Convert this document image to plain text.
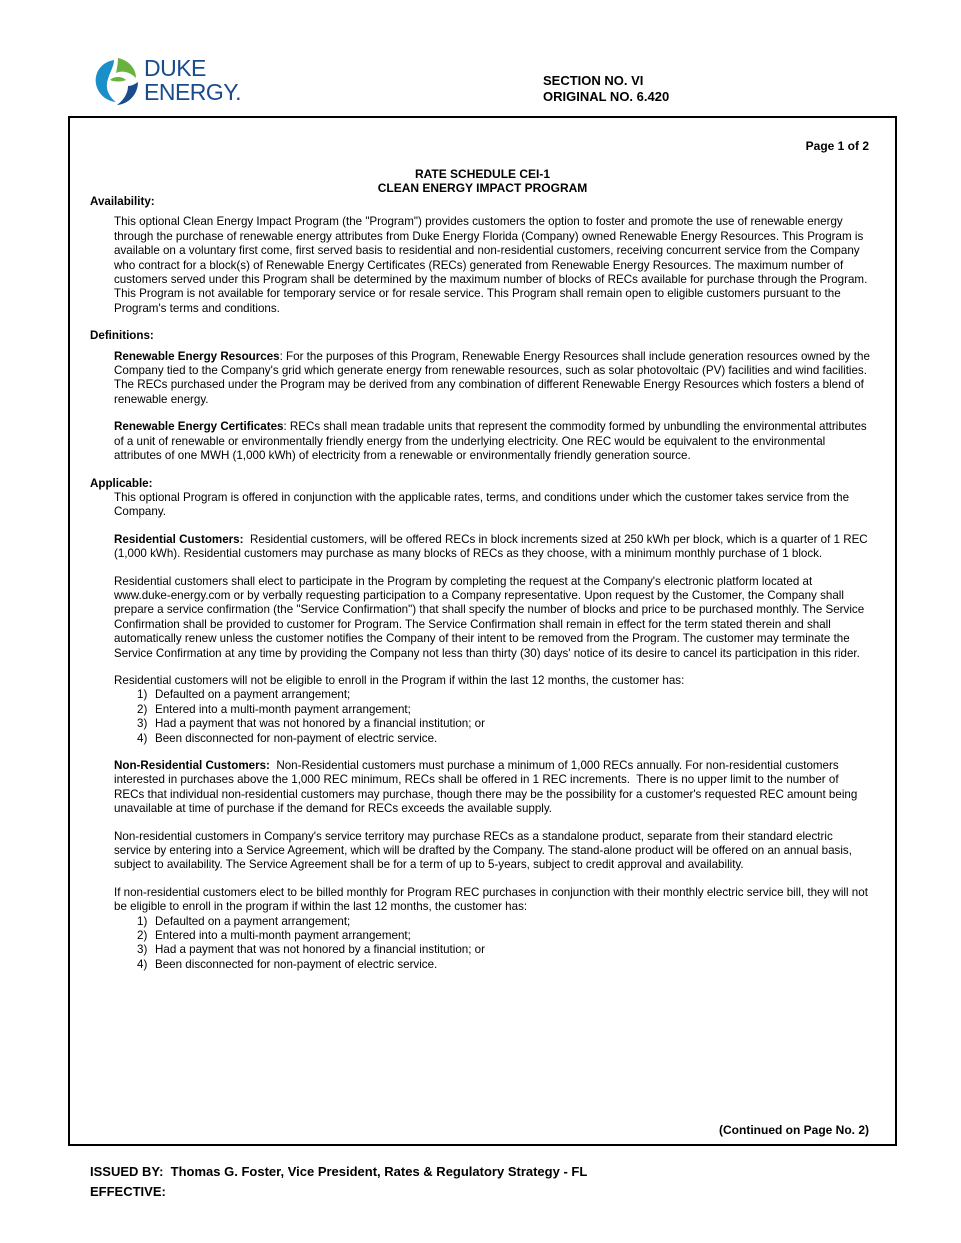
DUKE
ENERGY.	SECTION NO. VI
ORIGINAL NO. 6.420
Page 1 of 2
RATE SCHEDULE CEI-1
CLEAN ENERGY IMPACT PROGRAM
Availability:

This optional Clean Energy Impact Program (the "Program") provides customers the option to foster and promote the use of renewable energy through the purchase of renewable energy attributes from Duke Energy Florida (Company) owned Renewable Energy Resources. This Program is available on a voluntary first come, first served basis to residential and non-residential customers, receiving concurrent service from the Company who contract for a block(s) of Renewable Energy Certificates (RECs) generated from Renewable Energy Resources. The maximum number of customers served under this Program shall be determined by the maximum number of blocks of RECs available for purchase through the Program. This Program is not available for temporary service or for resale service. This Program shall remain open to eligible customers pursuant to the Program's terms and conditions.

Definitions:

Renewable Energy Resources: For the purposes of this Program, Renewable Energy Resources shall include generation resources owned by the Company tied to the Company's grid which generate energy from renewable resources, such as solar photovoltaic (PV) facilities and wind facilities. The RECs purchased under the Program may be derived from any combination of different Renewable Energy Resources which fosters a blend of renewable energy.

Renewable Energy Certificates: RECs shall mean tradable units that represent the commodity formed by unbundling the environmental attributes of a unit of renewable or environmentally friendly energy from the underlying electricity. One REC would be equivalent to the environmental attributes of one MWH (1,000 kWh) of electricity from a renewable or environmentally friendly generation source.

Applicable:

This optional Program is offered in conjunction with the applicable rates, terms, and conditions under which the customer takes service from the Company.

Residential Customers:  Residential customers, will be offered RECs in block increments sized at 250 kWh per block, which is a quarter of 1 REC (1,000 kWh). Residential customers may purchase as many blocks of RECs as they choose, with a minimum monthly purchase of 1 block.

Residential customers shall elect to participate in the Program by completing the request at the Company's electronic platform located at www.duke-energy.com or by verbally requesting participation to a Company representative. Upon request by the Customer, the Company shall prepare a service confirmation (the "Service Confirmation") that shall specify the number of blocks and price to be purchased monthly. The Service Confirmation shall be provided to customer for Program. The Service Confirmation shall remain in effect for the term stated therein and shall automatically renew unless the customer notifies the Company of their intent to be removed from the Program. The customer may terminate the Service Confirmation at any time by providing the Company not less than thirty (30) days' notice of its desire to cancel its participation in this rider.

Residential customers will not be eligible to enroll in the Program if within the last 12 months, the customer has:

1) Defaulted on a payment arrangement;
2) Entered into a multi-month payment arrangement;
3) Had a payment that was not honored by a financial institution; or
4) Been disconnected for non-payment of electric service.

Non-Residential Customers:  Non-Residential customers must purchase a minimum of 1,000 RECs annually. For non-residential customers interested in purchases above the 1,000 REC minimum, RECs shall be offered in 1 REC increments.  There is no upper limit to the number of RECs that individual non-residential customers may purchase, though there may be the possibility for a customer's requested REC amount being unavailable at time of purchase if the demand for RECs exceeds the available supply.

Non-residential customers in Company's service territory may purchase RECs as a standalone product, separate from their standard electric service by entering into a Service Agreement, which will be drafted by the Company. The stand-alone product will be offered on an annual basis, subject to availability. The Service Agreement shall be for a term of up to 5-years, subject to credit approval and availability.

If non-residential customers elect to be billed monthly for Program REC purchases in conjunction with their monthly electric service bill, they will not be eligible to enroll in the program if within the last 12 months, the customer has:

1) Defaulted on a payment arrangement;
2) Entered into a multi-month payment arrangement;
3) Had a payment that was not honored by a financial institution; or
4) Been disconnected for non-payment of electric service.
(Continued on Page No. 2)
ISSUED BY: Thomas G. Foster, Vice President, Rates & Regulatory Strategy - FL
EFFECTIVE:
